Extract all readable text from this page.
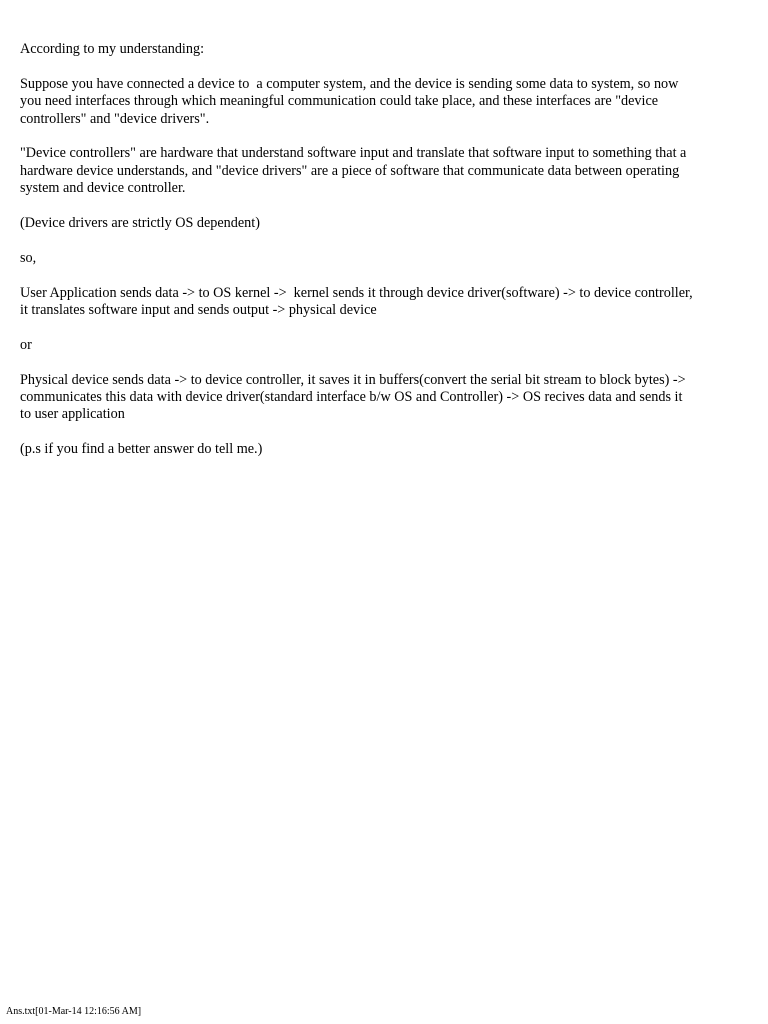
According to my understanding:

Suppose you have connected a device to  a computer system, and the device is sending some data to system, so now
you need interfaces through which meaningful communication could take place, and these interfaces are "device
controllers" and "device drivers".

"Device controllers" are hardware that understand software input and translate that software input to something that a
hardware device understands, and "device drivers" are a piece of software that communicate data between operating
system and device controller.

(Device drivers are strictly OS dependent)

so,

User Application sends data -> to OS kernel ->  kernel sends it through device driver(software) -> to device controller,
it translates software input and sends output -> physical device

or

Physical device sends data -> to device controller, it saves it in buffers(convert the serial bit stream to block bytes) ->
communicates this data with device driver(standard interface b/w OS and Controller) -> OS recives data and sends it
to user application

(p.s if you find a better answer do tell me.)

Ans.txt[01-Mar-14 12:16:56 AM]
